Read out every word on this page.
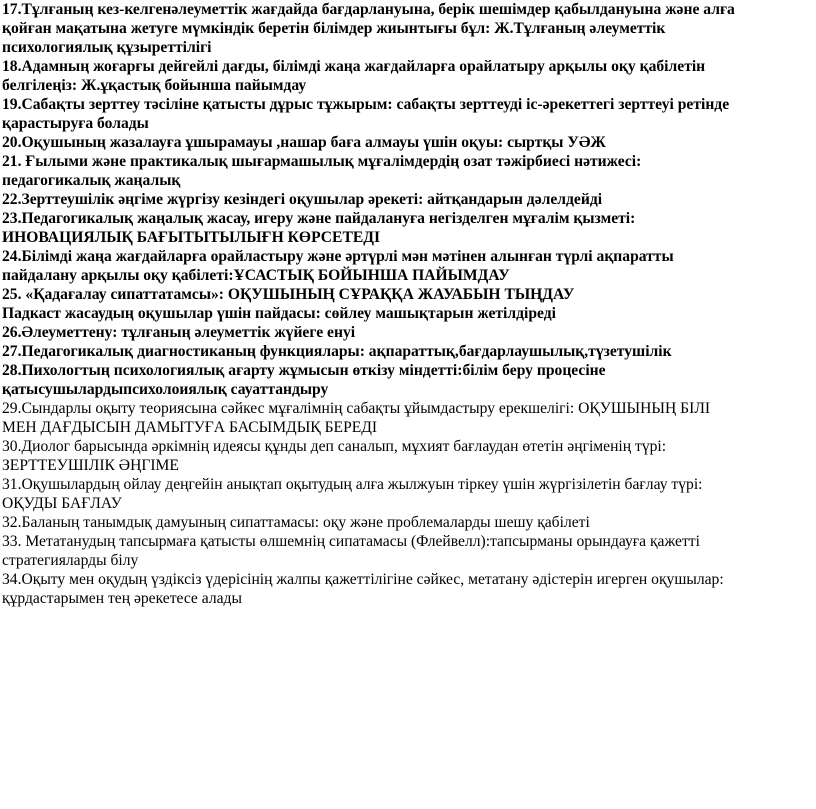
17.Тұлғаның кез-келгенәлеуметтік жағдайда бағдарлануына, берік шешімдер қабылдануына және алға
қойған мақатына жетуге мүмкіндік беретін білімдер жиынтығы бұл: Ж.Тұлғаның әлеуметтік
психологиялық құзыреттілігі
18.Адамның жоғарғы дейгейлі дағды, білімді жаңа жағдайларға орайлатыру арқылы оқу қабілетін
белгілеңіз: Ж.ұқастық бойынша пайымдау
19.Сабақты зерттеу тәсіліне қатысты дұрыс тұжырым: сабақты зерттеуді іс-әрекеттегі зерттеуі ретінде
қарастыруға болады
20.Оқушының жазалауға ұшырамауы ,нашар баға алмауы үшін оқуы: сыртқы УӘЖ
21. Ғылыми және практикалық шығармашылық мұғалімдердің озат тәжірбиесі нәтижесі:
педагогикалық жаңалық
22.Зерттеушілік әңгіме жүргізу кезіндегі оқушылар әрекеті: айтқандарын дәлелдейді
23.Педагогикалық жаңалық жасау, игеру және пайдалануға негізделген мұғалім қызметі:
ИНОВАЦИЯЛЫҚ БАҒЫТЫТЫЛЫҒН КӨРСЕТЕДІ
24.Білімді жаңа жағдайларға орайластыру және әртүрлі мән мәтінен алынған түрлі ақпаратты
пайдалану арқылы оқу қабілеті:ҰСАСТЫҚ БОЙЫНША ПАЙЫМДАУ
25. «Қадағалау сипаттатамсы»: ОҚУШЫНЫҢ СҰРАҚҚА ЖАУАБЫН ТЫҢДАУ
Падкаст жасаудың оқушылар үшін пайдасы: сөйлеу машықтарын жетілдіреді
26.Әлеуметтену: тұлғаның әлеуметтік жүйеге енуі
27.Педагогикалық диагностиканың функциялары: ақпараттық,бағдарлаушылық,түзетушілік
28.Пихологтың психологиялық ағарту жұмысын өткізу міндетті:білім беру процесіне
қатысушылардыпсихолоиялық сауаттандыру
29.Сындарлы оқыту теориясына сәйкес мұғалімнің сабақты ұйымдастыру ерекшелігі: ОҚУШЫНЫҢ БІЛІ
МЕН ДАҒДЫСЫН ДАМЫТУҒА БАСЫМДЫҚ БЕРЕДІ
30.Диолог барысында әркімнің идеясы құнды деп саналып, мұхият бағлаудан өтетін әңгіменің түрі:
ЗЕРТТЕУШІЛІК ӘҢГІМЕ
31.Оқушылардың ойлау деңгейін анықтап оқытудың алға жылжуын тіркеу үшін жүргізілетін бағлау түрі:
ОҚУДЫ БАҒЛАУ
32.Баланың танымдық дамуының сипаттамасы: оқу және проблемаларды шешу қабілеті
33. Метатанудың тапсырмаға қатысты өлшемнің сипатамасы (Флейвелл):тапсырманы орындауға қажетті
стратегияларды білу
34.Оқыту мен оқудың үздіксіз үдерісінің жалпы қажеттілігіне сәйкес, метатану әдістерін игерген оқушылар:
құрдастарымен тең әрекетесе алады
